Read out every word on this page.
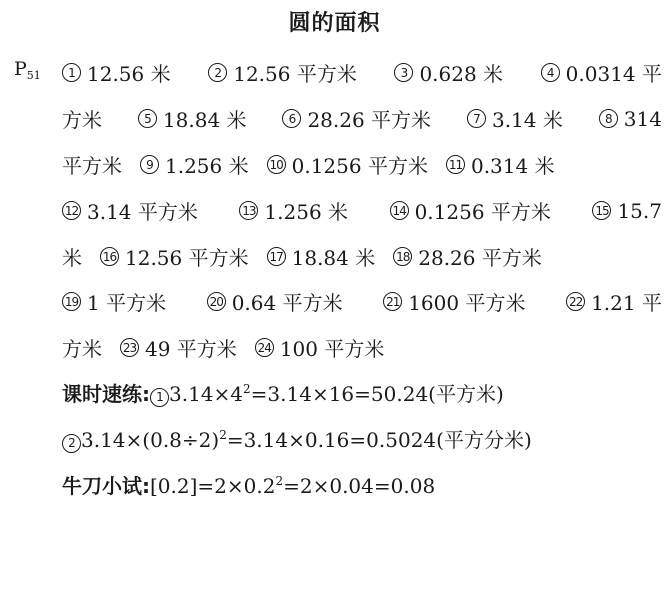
圆的面积
$P_{51}$	1 12.56 米	2 12.56 平方米	3 0.628 米	4 0.0314 平
方米	5 18.84 米	6 28.26 平方米	7 3.14 米	8 314
平方米	9 1.256 米 10 0.1256 平方米 11 0.314 米
12 3.14 平方米	13 1.256 米	14 0.1256 平方米	15 15.7
米 16 12.56 平方米 17 18.84 米 18 28.26 平方米
19 1 平方米	20 0.64 平方米	21 1600 平方米	22 1.21 平
方米 23 49 平方米 24 100 平方米
课时速练: 1 $3.14\times 4^2=3.14\times 16=50.24$(平方米)
2 $3.14\times(0.8\div 2)^2=3.14\times 0.16=0.5024$(平方分米)
牛刀小试$:[0.2]=2\times 0.2^2=2\times 0.04=0.08$
